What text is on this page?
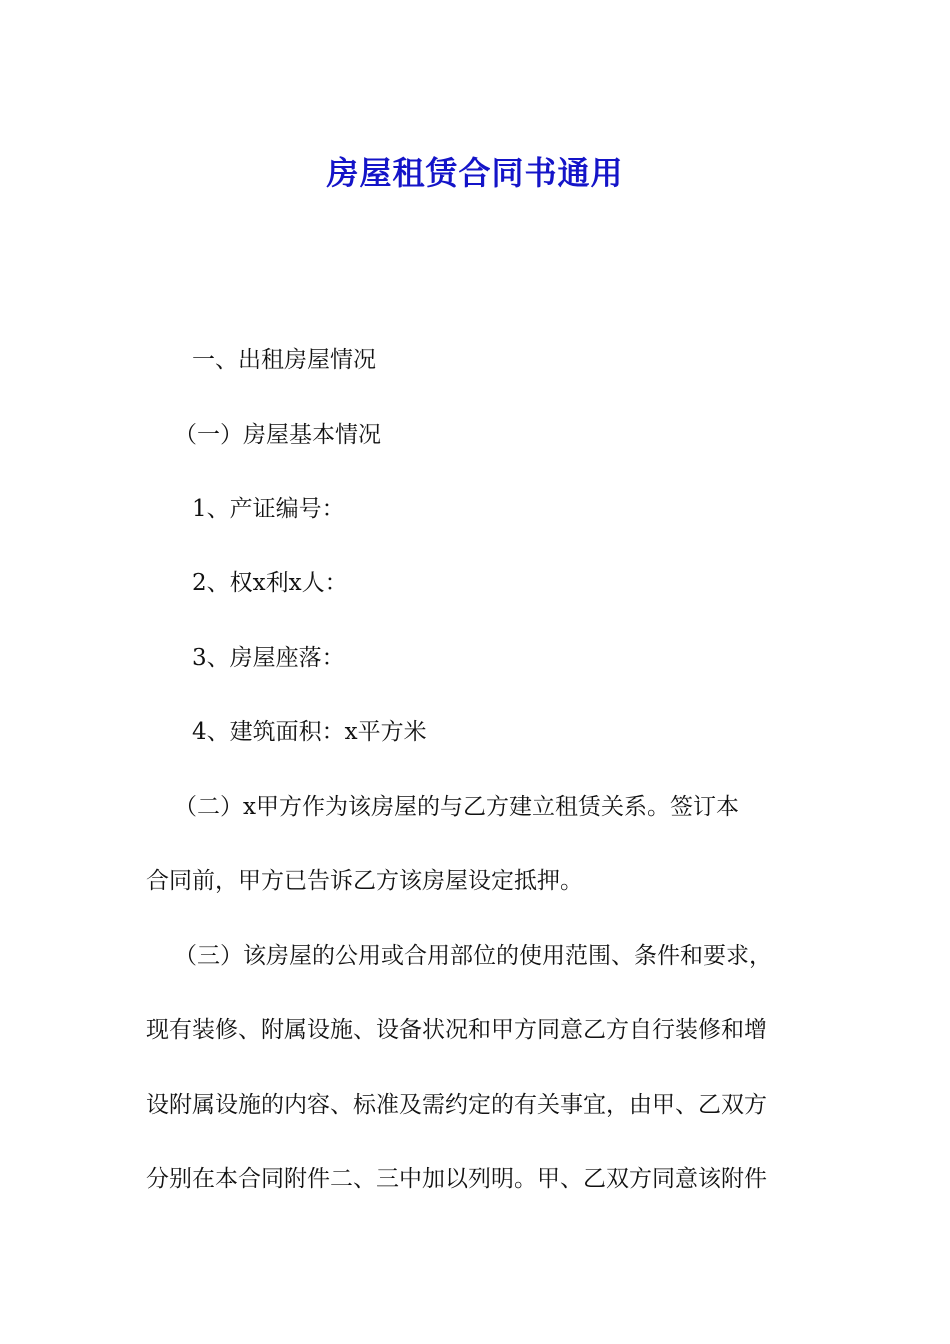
房屋租赁合同书通用
一、出租房屋情况
（一）房屋基本情况
1、产证编号：
2、权x利x人：
3、房屋座落：
4、建筑面积：x平方米
（二）x甲方作为该房屋的与乙方建立租赁关系。签订本
合同前，甲方已告诉乙方该房屋设定抵押。
（三）该房屋的公用或合用部位的使用范围、条件和要求，
现有装修、附属设施、设备状况和甲方同意乙方自行装修和增
设附属设施的内容、标准及需约定的有关事宜，由甲、乙双方
分别在本合同附件二、三中加以列明。甲、乙双方同意该附件
